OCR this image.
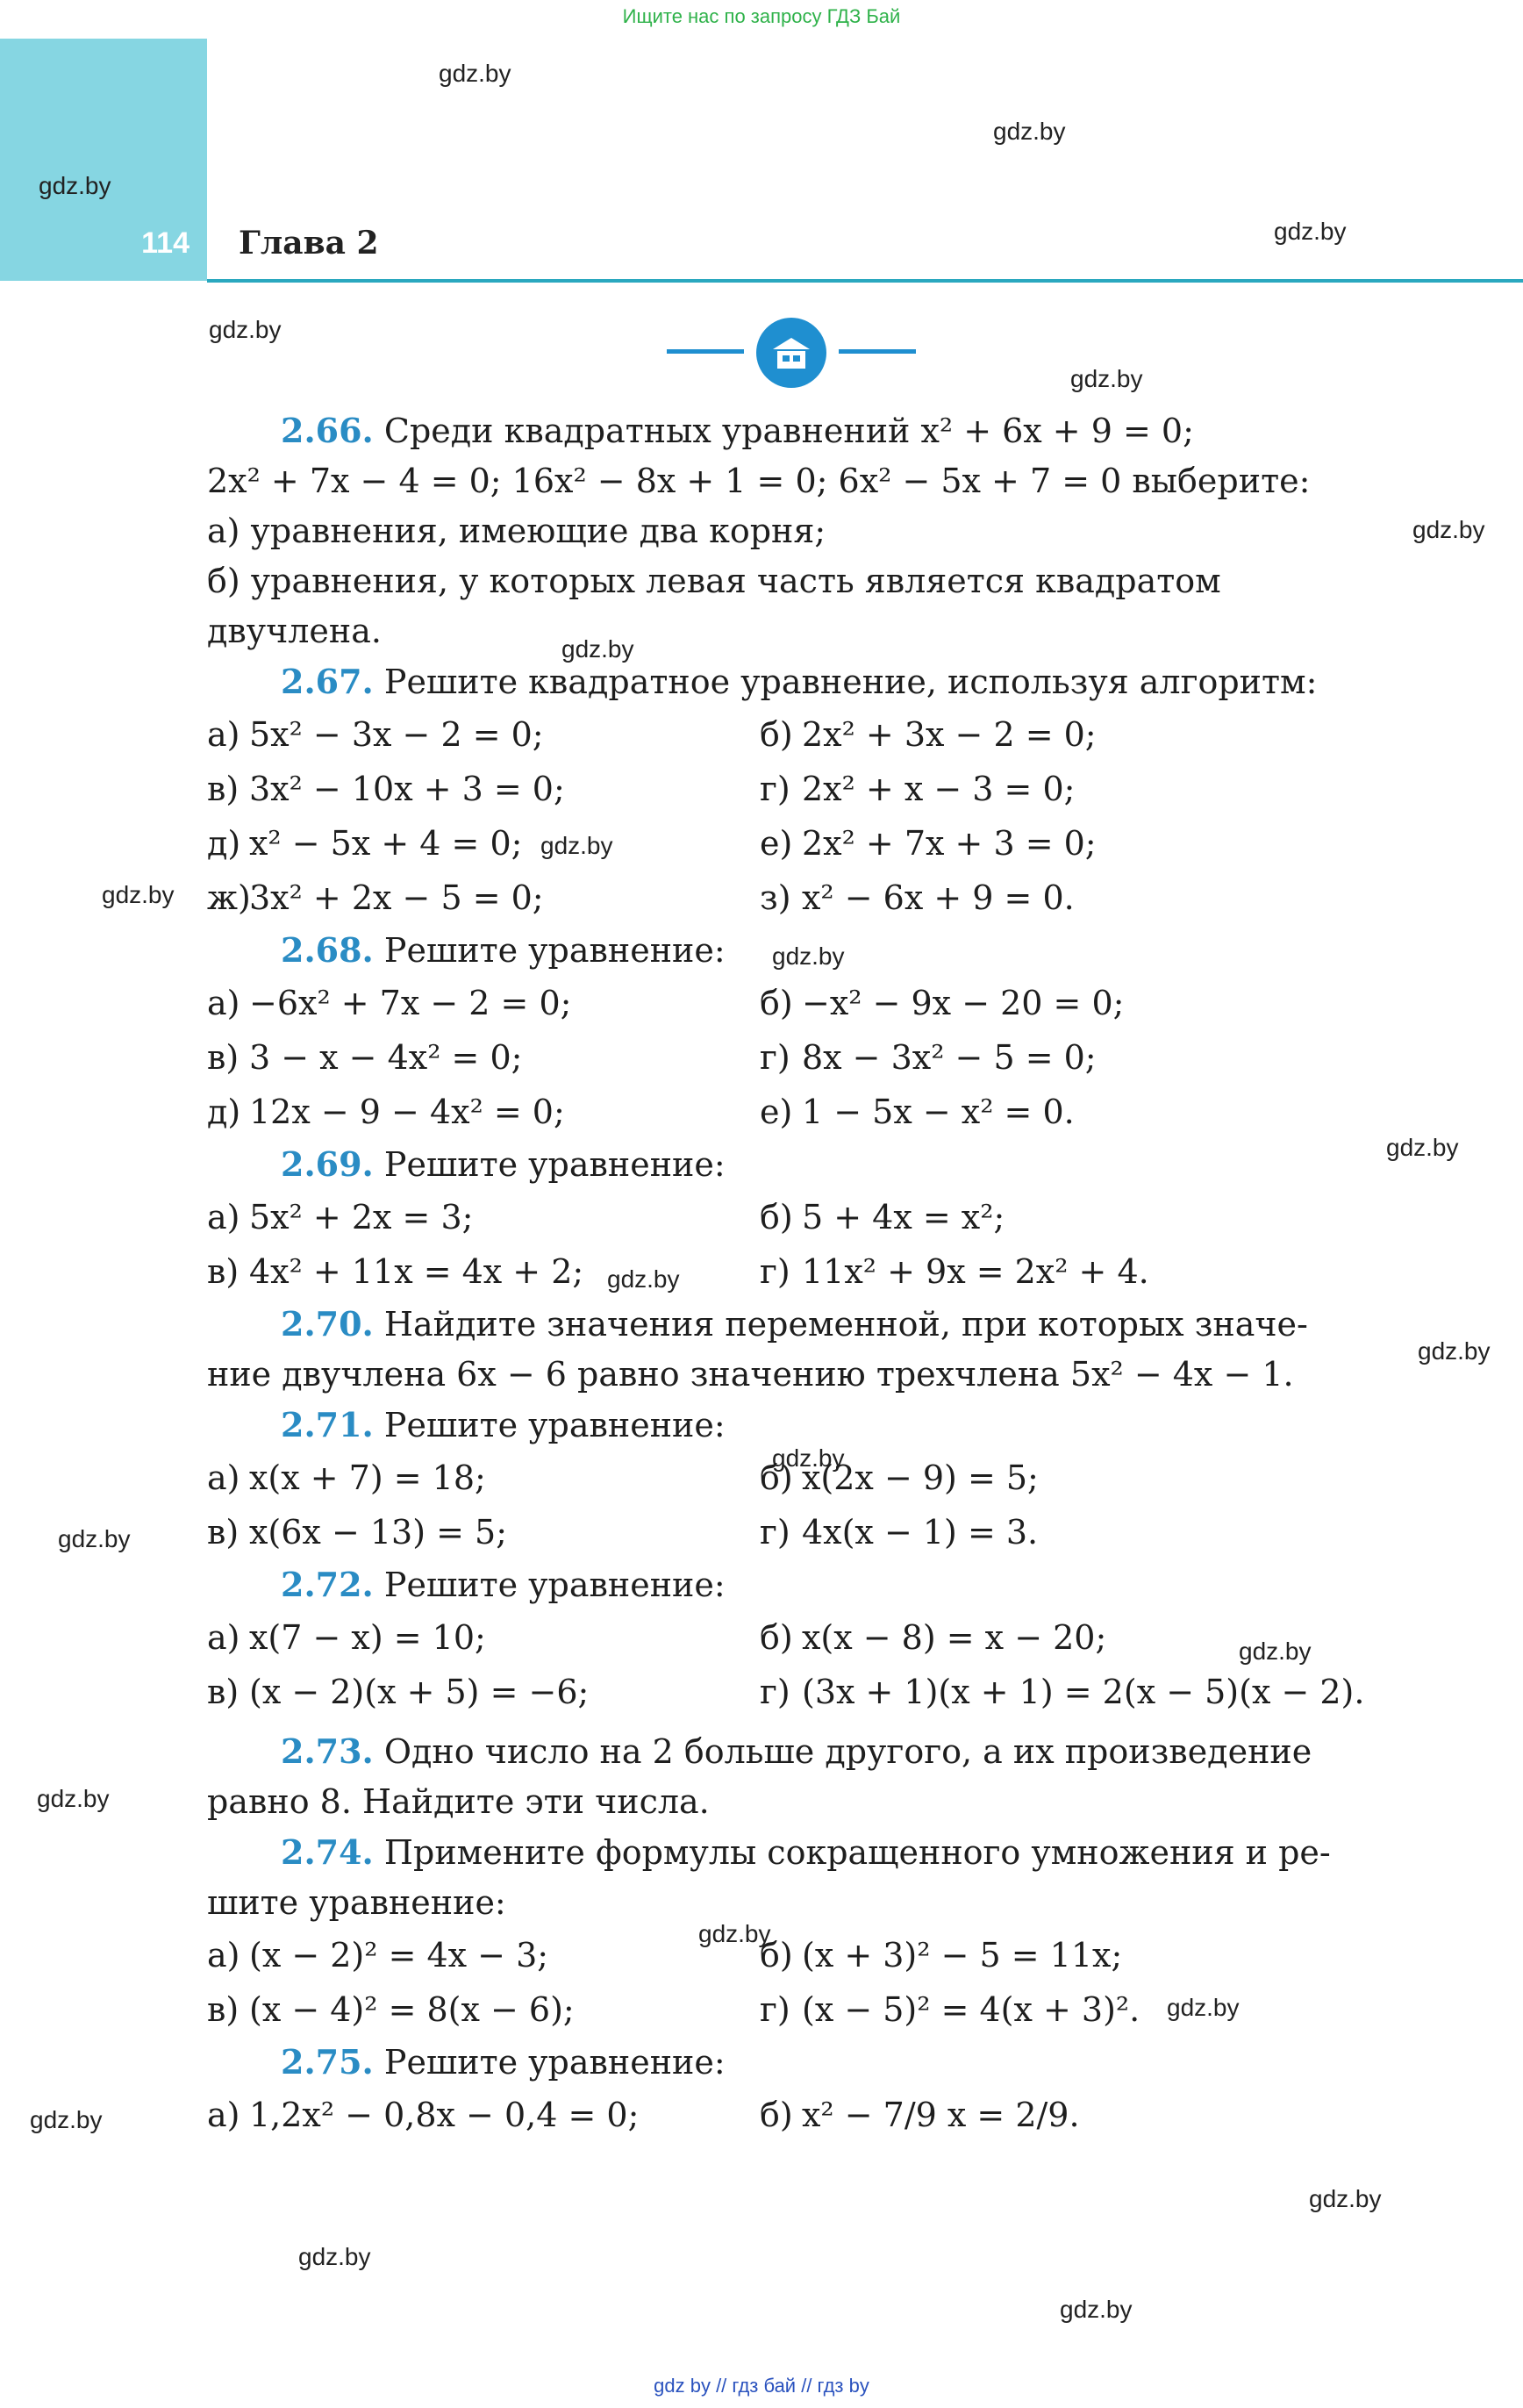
Ищите нас по запросу ГДЗ Бай
114	Глава 2
gdz.by
gdz.by
gdz.by
gdz.by
gdz.by
gdz.by
gdz.by
gdz.by
gdz.by
gdz.by
gdz.by
gdz.by
gdz.by
gdz.by
gdz.by
gdz.by
gdz.by
gdz.by
gdz.by
gdz.by
gdz.by
gdz.by
gdz.by
gdz.by

2.66. Среди квадратных уравнений x² + 6x + 9 = 0;

2x² + 7x − 4 = 0; 16x² − 8x + 1 = 0; 6x² − 5x + 7 = 0 выберите:

а) уравнения, имеющие два корня;

б) уравнения, у которых левая часть является квадратом

двучлена.

2.67. Решите квадратное уравнение, используя алгоритм:

а) 5x² − 3x − 2 = 0;	б) 2x² + 3x − 2 = 0;
в) 3x² − 10x + 3 = 0;	г) 2x² + x − 3 = 0;
д) x² − 5x + 4 = 0;	е) 2x² + 7x + 3 = 0;
ж)3x² + 2x − 5 = 0;	з) x² − 6x + 9 = 0.

2.68. Решите уравнение:

а) −6x² + 7x − 2 = 0;	б) −x² − 9x − 20 = 0;
в) 3 − x − 4x² = 0;	г) 8x − 3x² − 5 = 0;
д) 12x − 9 − 4x² = 0;	е) 1 − 5x − x² = 0.

2.69. Решите уравнение:

а) 5x² + 2x = 3;	б) 5 + 4x = x²;
в) 4x² + 11x = 4x + 2;	г) 11x² + 9x = 2x² + 4.

2.70. Найдите значения переменной, при которых значе-

ние двучлена 6x − 6 равно значению трехчлена 5x² − 4x − 1.

2.71. Решите уравнение:

а) x(x + 7) = 18;	б) x(2x − 9) = 5;
в) x(6x − 13) = 5;	г) 4x(x − 1) = 3.

2.72. Решите уравнение:

а) x(7 − x) = 10;	б) x(x − 8) = x − 20;
в) (x − 2)(x + 5) = −6;	г) (3x + 1)(x + 1) = 2(x − 5)(x − 2).

2.73. Одно число на 2 больше другого, а их произведение

равно 8. Найдите эти числа.

2.74. Примените формулы сокращенного умножения и ре-

шите уравнение:

а) (x − 2)² = 4x − 3;	б) (x + 3)² − 5 = 11x;
в) (x − 4)² = 8(x − 6);	г) (x − 5)² = 4(x + 3)².

2.75. Решите уравнение:

а) 1,2x² − 0,8x − 0,4 = 0;	б) x² − 7/9 x = 2/9.
gdz by // гдз бай // гдз by
